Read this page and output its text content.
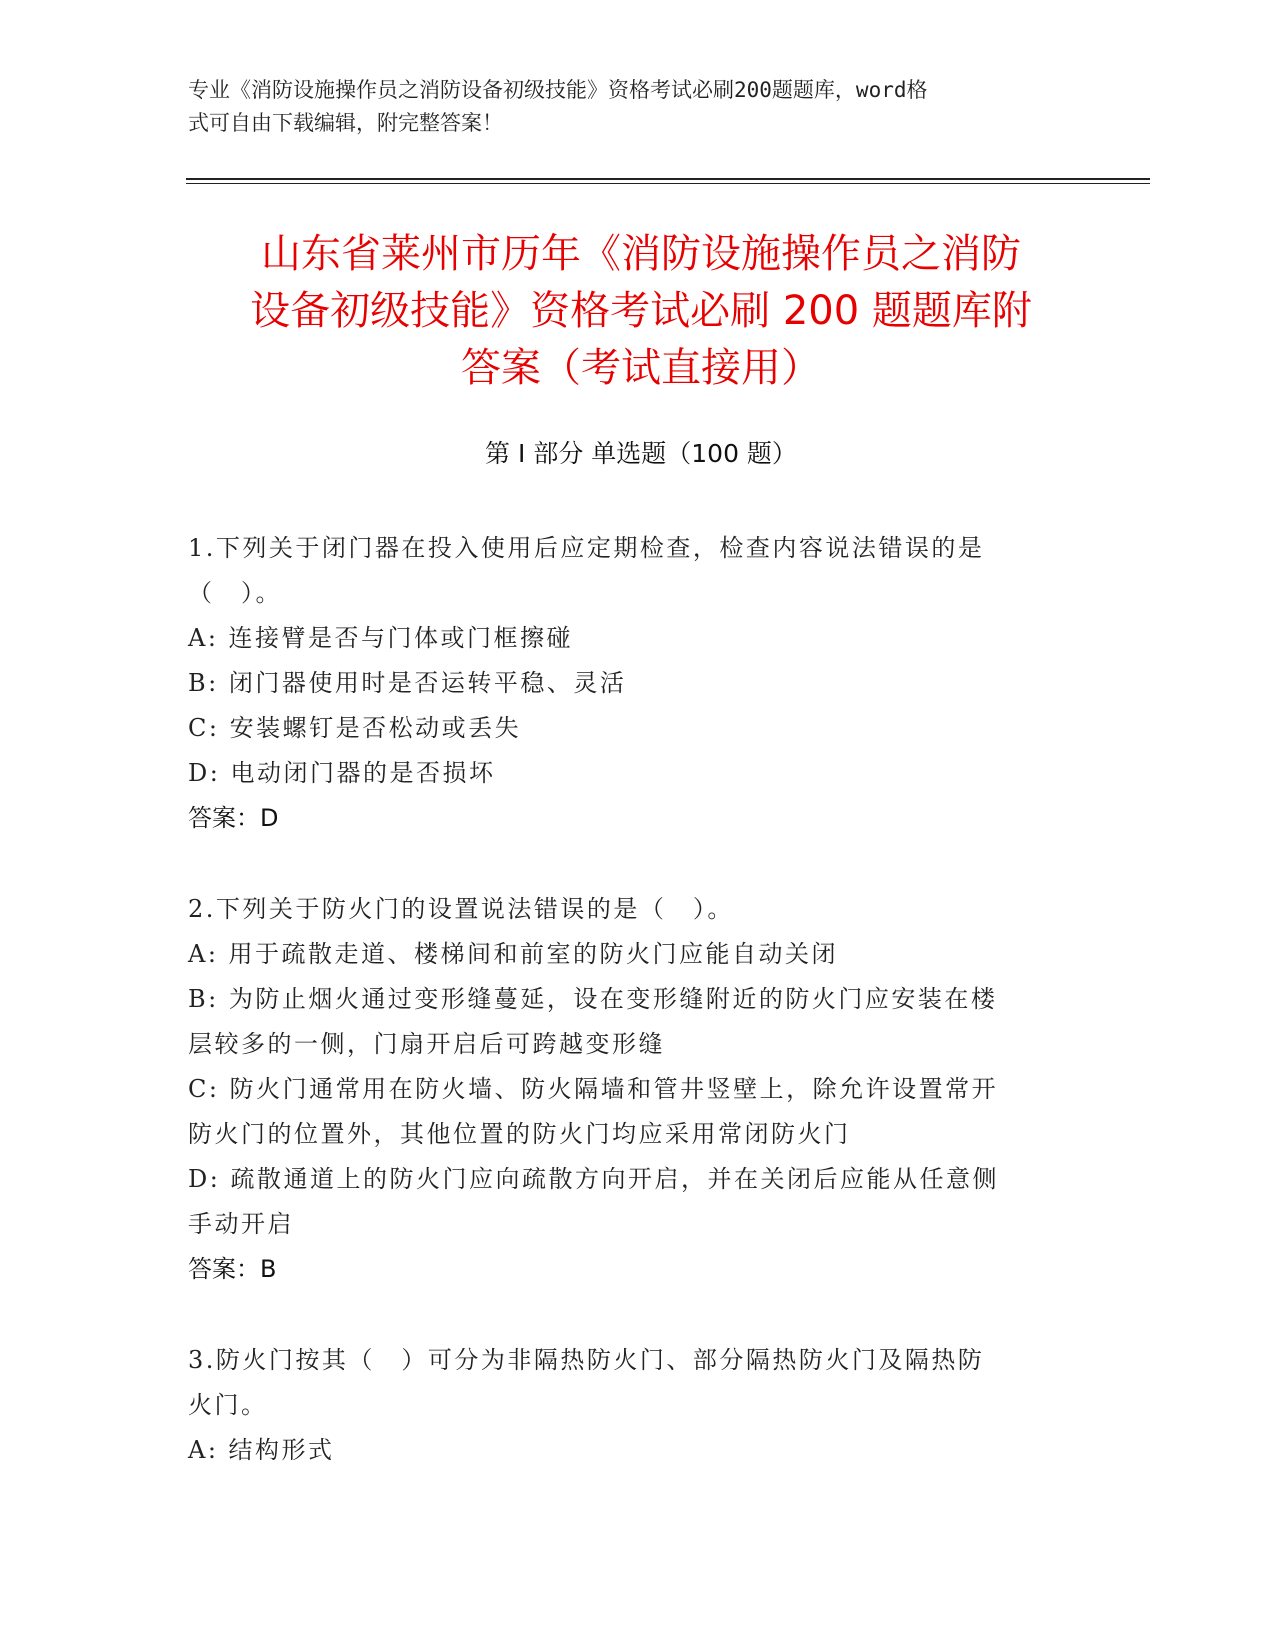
专业《消防设施操作员之消防设备初级技能》资格考试必刷200题题库，word格
式可自由下载编辑，附完整答案！
山东省莱州市历年《消防设施操作员之消防
设备初级技能》资格考试必刷 200 题题库附
答案（考试直接用）
第 I 部分 单选题（100 题）

1.下列关于闭门器在投入使用后应定期检查，检查内容说法错误的是

（　）。

A: 连接臂是否与门体或门框擦碰

B: 闭门器使用时是否运转平稳、灵活

C: 安装螺钉是否松动或丢失

D: 电动闭门器的是否损坏

答案：D

2.下列关于防火门的设置说法错误的是（　）。

A: 用于疏散走道、楼梯间和前室的防火门应能自动关闭

B: 为防止烟火通过变形缝蔓延，设在变形缝附近的防火门应安装在楼

层较多的一侧，门扇开启后可跨越变形缝

C: 防火门通常用在防火墙、防火隔墙和管井竖壁上，除允许设置常开

防火门的位置外，其他位置的防火门均应采用常闭防火门

D: 疏散通道上的防火门应向疏散方向开启，并在关闭后应能从任意侧

手动开启

答案：B

3.防火门按其（　）可分为非隔热防火门、部分隔热防火门及隔热防

火门。

A: 结构形式
